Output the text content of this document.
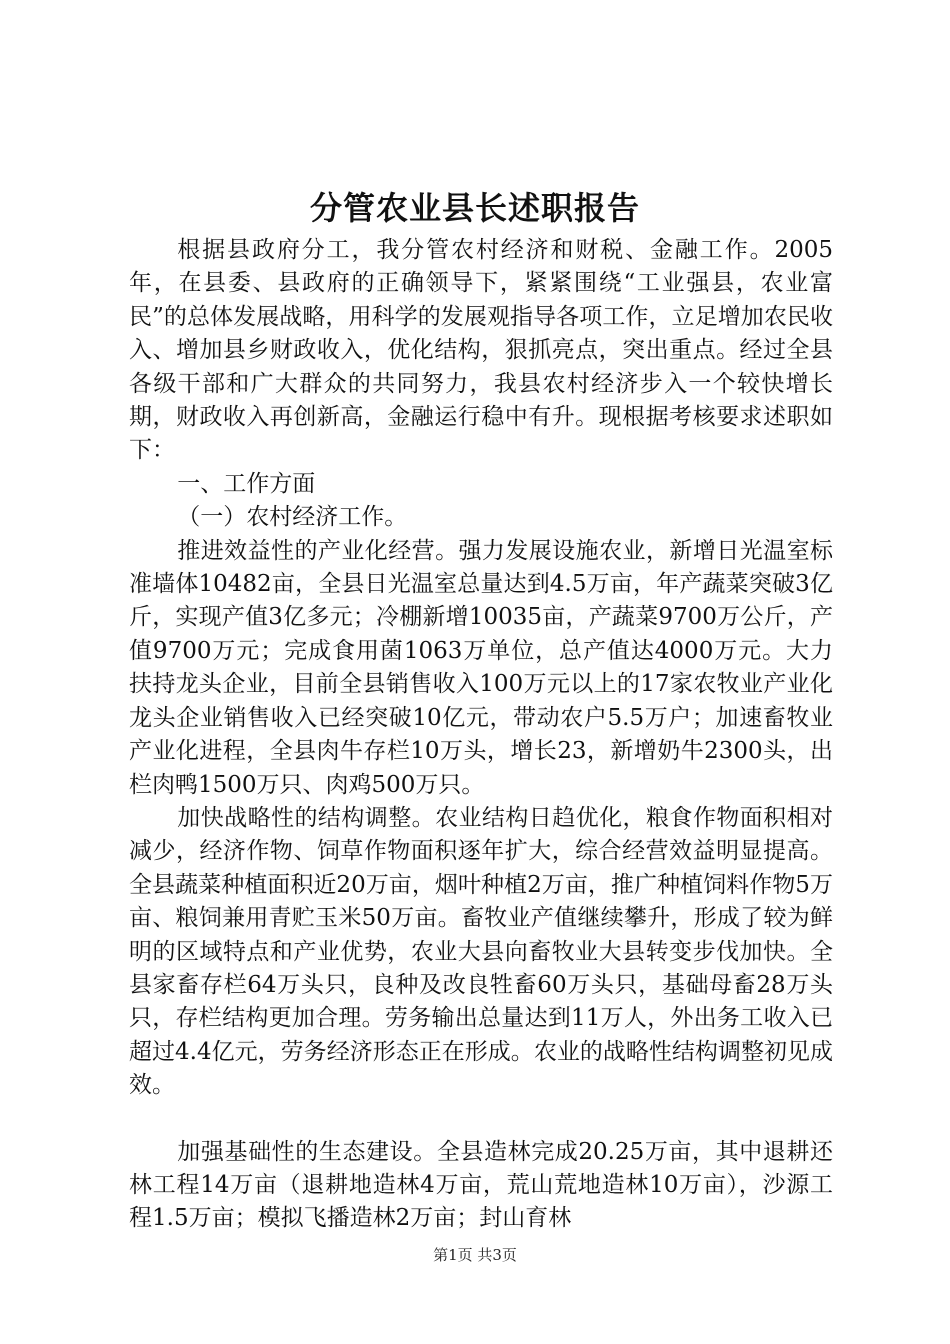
分管农业县长述职报告

根据县政府分工，我分管农村经济和财税、金融工作。2005年，在县委、县政府的正确领导下，紧紧围绕“工业强县，农业富民”的总体发展战略，用科学的发展观指导各项工作，立足增加农民收入、增加县乡财政收入，优化结构，狠抓亮点，突出重点。经过全县各级干部和广大群众的共同努力，我县农村经济步入一个较快增长期，财政收入再创新高，金融运行稳中有升。现根据考核要求述职如下：

一、工作方面

（一）农村经济工作。

推进效益性的产业化经营。强力发展设施农业，新增日光温室标准墙体10482亩，全县日光温室总量达到4.5万亩，年产蔬菜突破3亿斤，实现产值3亿多元；冷棚新增10035亩，产蔬菜9700万公斤，产值9700万元；完成食用菌1063万单位，总产值达4000万元。大力扶持龙头企业，目前全县销售收入100万元以上的17家农牧业产业化龙头企业销售收入已经突破10亿元，带动农户5.5万户；加速畜牧业产业化进程，全县肉牛存栏10万头，增长23，新增奶牛2300头，出栏肉鸭1500万只、肉鸡500万只。

加快战略性的结构调整。农业结构日趋优化，粮食作物面积相对减少，经济作物、饲草作物面积逐年扩大，综合经营效益明显提高。全县蔬菜种植面积近20万亩，烟叶种植2万亩，推广种植饲料作物5万亩、粮饲兼用青贮玉米50万亩。畜牧业产值继续攀升，形成了较为鲜明的区域特点和产业优势，农业大县向畜牧业大县转变步伐加快。全县家畜存栏64万头只，良种及改良牲畜60万头只，基础母畜28万头只，存栏结构更加合理。劳务输出总量达到11万人，外出务工收入已超过4.4亿元，劳务经济形态正在形成。农业的战略性结构调整初见成效。

加强基础性的生态建设。全县造林完成20.25万亩，其中退耕还林工程14万亩（退耕地造林4万亩，荒山荒地造林10万亩），沙源工程1.5万亩；模拟飞播造林2万亩；封山育林

第1页 共3页
